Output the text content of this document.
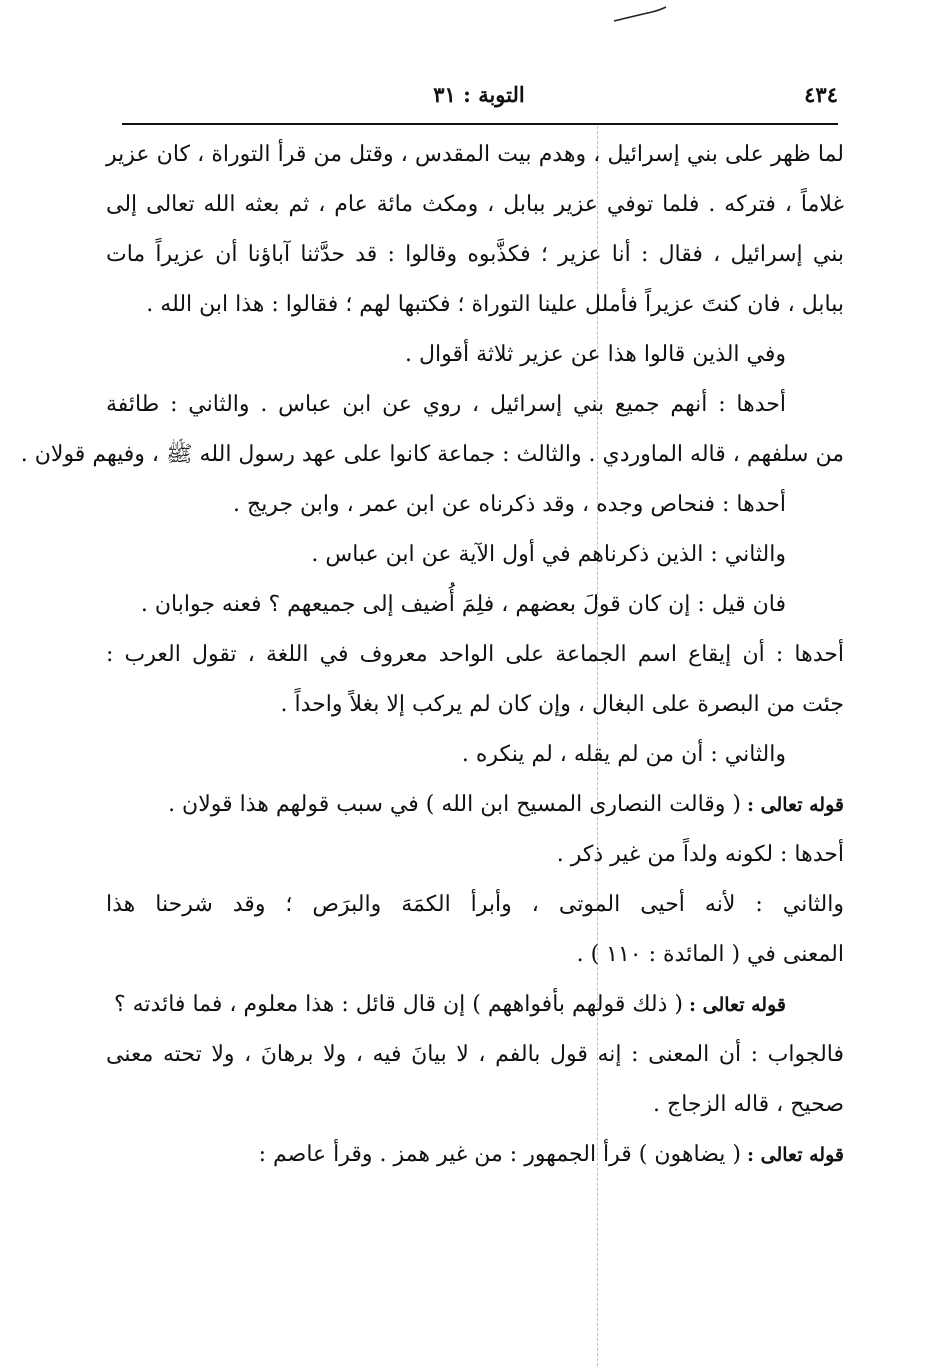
٤٣٤
التوبة : ٣١
لما ظهر على بني إسرائيل ، وهدم بيت المقدس ، وقتل من قرأ التوراة ، كان عزير
غلاماً ، فتركه . فلما توفي عزير ببابل ، ومكث مائة عام ، ثم بعثه الله تعالى إلى
بني إسرائيل ، فقال : أنا عزير ؛ فكذَّبوه وقالوا : قد حدَّثنا آباؤنا أن عزيراً مات
ببابل ، فان كنتَ عزيراً فأملل علينا التوراة ؛ فكتبها لهم ؛ فقالوا : هذا ابن الله .
وفي الذين قالوا هذا عن عزير ثلاثة أقوال .
أحدها : أنهم جميع بني إسرائيل ، روي عن ابن عباس . والثاني : طائفة
من سلفهم ، قاله الماوردي . والثالث : جماعة كانوا على عهد رسول الله ﷺ ، وفيهم قولان .
أحدها : فنحاص وجده ، وقد ذكرناه عن ابن عمر ، وابن جريج .
والثاني : الذين ذكرناهم في أول الآية عن ابن عباس .
فان قيل : إن كان قولَ بعضهم ، فلِمَ أُضيف إلى جميعهم ؟ فعنه جوابان .
أحدها : أن إيقاع اسم الجماعة على الواحد معروف في اللغة ، تقول العرب :
جئت من البصرة على البغال ، وإن كان لم يركب إلا بغلاً واحداً .
والثاني : أن من لم يقله ، لم ينكره .
قوله تعالى :( وقالت النصارى المسيح ابن الله ) في سبب قولهم هذا قولان .
أحدها : لكونه ولداً من غير ذكر .
والثاني : لأنه أحيى الموتى ، وأبرأ الكمَهَ والبرَص ؛ وقد شرحنا هذا
المعنى في ( المائدة : ١١٠ ) .
قوله تعالى :( ذلك قولهم بأفواههم ) إن قال قائل : هذا معلوم ، فما فائدته ؟
فالجواب : أن المعنى : إنه قول بالفم ، لا بيانَ فيه ، ولا برهانَ ، ولا تحته معنى
صحيح ، قاله الزجاج .
قوله تعالى :( يضاهون ) قرأ الجمهور : من غير همز . وقرأ عاصم :
